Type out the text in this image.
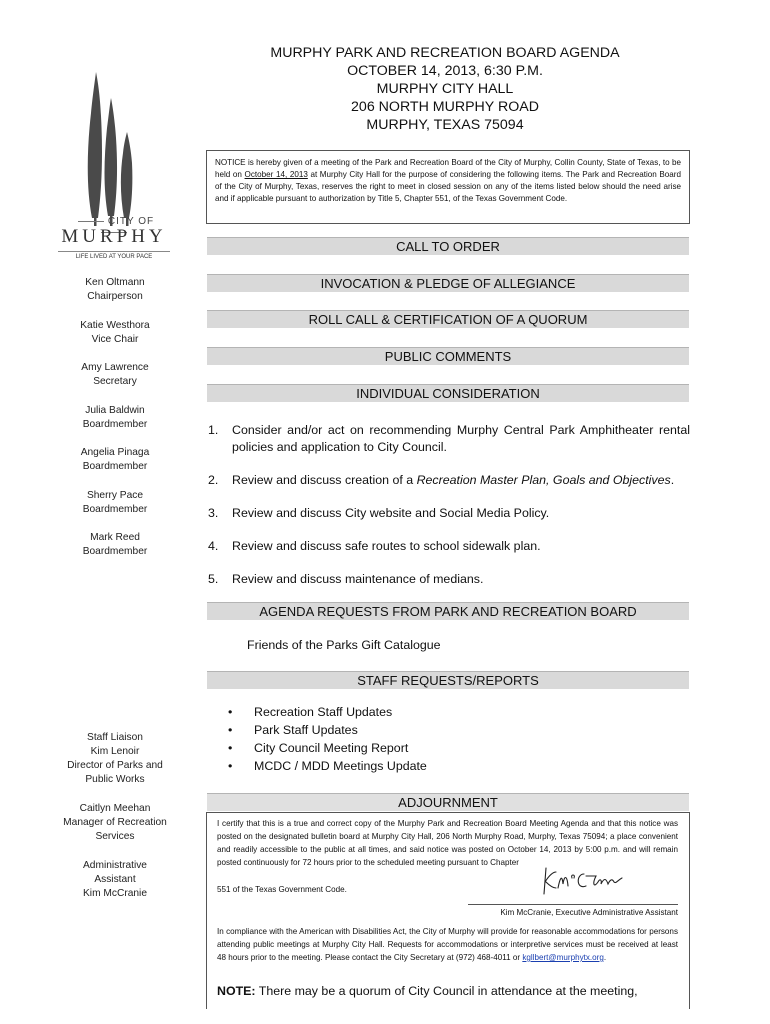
CITY OF
MURPHY
LIFE LIVED AT YOUR PACE
MURPHY PARK AND RECREATION BOARD AGENDA
OCTOBER 14, 2013, 6:30 P.M.
MURPHY CITY HALL
206 NORTH MURPHY ROAD
MURPHY, TEXAS 75094
NOTICE is hereby given of a meeting of the Park and Recreation Board of the City of Murphy, Collin County, State of Texas, to be held on October 14, 2013 at Murphy City Hall for the purpose of considering the following items. The Park and Recreation Board of the City of Murphy, Texas, reserves the right to meet in closed session on any of the items listed below should the need arise and if applicable pursuant to authorization by Title 5, Chapter 551, of the Texas Government Code.
CALL TO ORDER
INVOCATION & PLEDGE OF ALLEGIANCE
ROLL CALL & CERTIFICATION OF A QUORUM
PUBLIC COMMENTS
INDIVIDUAL CONSIDERATION
AGENDA REQUESTS FROM PARK AND RECREATION BOARD
STAFF REQUESTS/REPORTS
ADJOURNMENT
Ken Oltmann
Chairperson
Katie Westhora
Vice Chair
Amy Lawrence
Secretary
Julia Baldwin
Boardmember
Angelia Pinaga
Boardmember
Sherry Pace
Boardmember
Mark Reed
Boardmember
Staff Liaison
Kim Lenoir
Director of Parks and
Public Works
Caitlyn Meehan
Manager of Recreation
Services
Administrative
Assistant
Kim McCranie
1. Consider and/or act on recommending Murphy Central Park Amphitheater rental policies and application to City Council.
2. Review and discuss creation of a Recreation Master Plan, Goals and Objectives.
3. Review and discuss City website and Social Media Policy.
4. Review and discuss safe routes to school sidewalk plan.
5. Review and discuss maintenance of medians.
Friends of the Parks Gift Catalogue
• Recreation Staff Updates
• Park Staff Updates
• City Council Meeting Report
• MCDC / MDD Meetings Update
I certify that this is a true and correct copy of the Murphy Park and Recreation Board Meeting Agenda and that this notice was posted on the designated bulletin board at Murphy City Hall, 206 North Murphy Road, Murphy, Texas 75094; a place convenient and readily accessible to the public at all times, and said notice was posted on October 14, 2013 by 5:00 p.m. and will remain posted continuously for 72 hours prior to the scheduled meeting pursuant to Chapter
551 of the Texas Government Code.
Kim McCranie, Executive Administrative Assistant
In compliance with the American with Disabilities Act, the City of Murphy will provide for reasonable accommodations for persons attending public meetings at Murphy City Hall. Requests for accommodations or interpretive services must be received at least 48 hours prior to the meeting. Please contact the City Secretary at (972) 468-4011 or kgllbert@murphytx.org.
NOTE: There may be a quorum of City Council in attendance at the meeting,
